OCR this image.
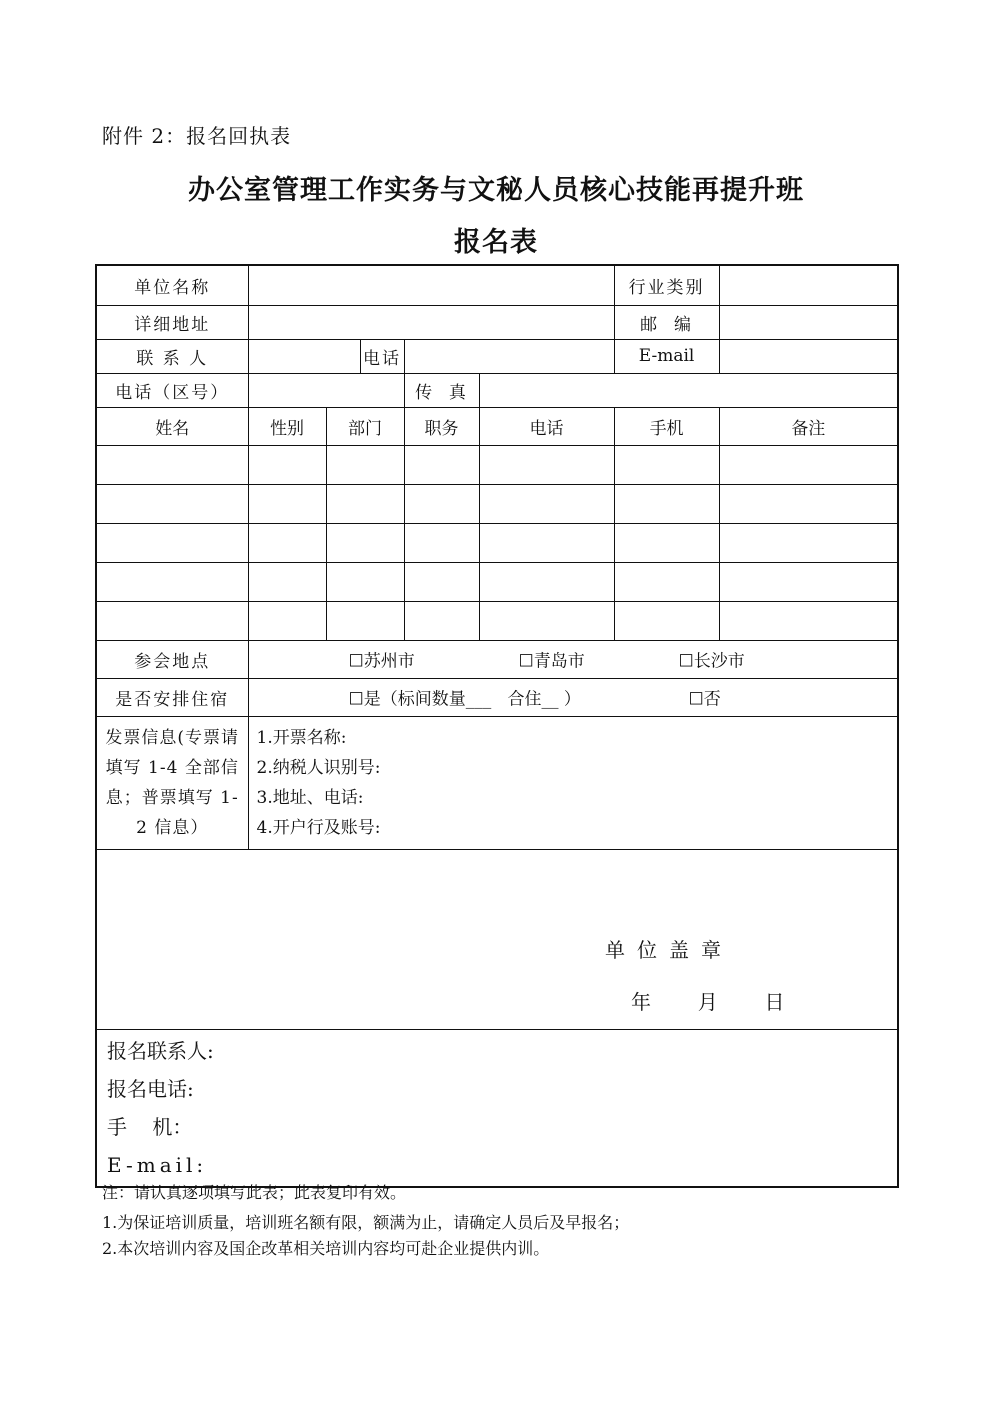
附件 2：报名回执表
办公室管理工作实务与文秘人员核心技能再提升班
报名表
单位名称						行业类别	
详细地址						邮  编	
联 系 人			电话			E-mail	
电话（区号）				传  真			
姓名	性别	部门		职务	电话	手机	备注

参会地点	☐苏州市 ☐青岛市 ☐长沙市						

是否安排住宿	☐是（标间数量___   合住__ ） ☐否						

发票信息(专票请填写 1-4 全部信息；普票填写 1-2 信息）	1.开票名称:
2.纳税人识别号:
3.地址、电话:
4.开户行及账号:						

单位盖章
年 月 日							

报名联系人:
报名电话:
手    机：
E-mail:							
注：请认真逐项填写此表；此表复印有效。
1.为保证培训质量，培训班名额有限，额满为止，请确定人员后及早报名；
2.本次培训内容及国企改革相关培训内容均可赴企业提供内训。
